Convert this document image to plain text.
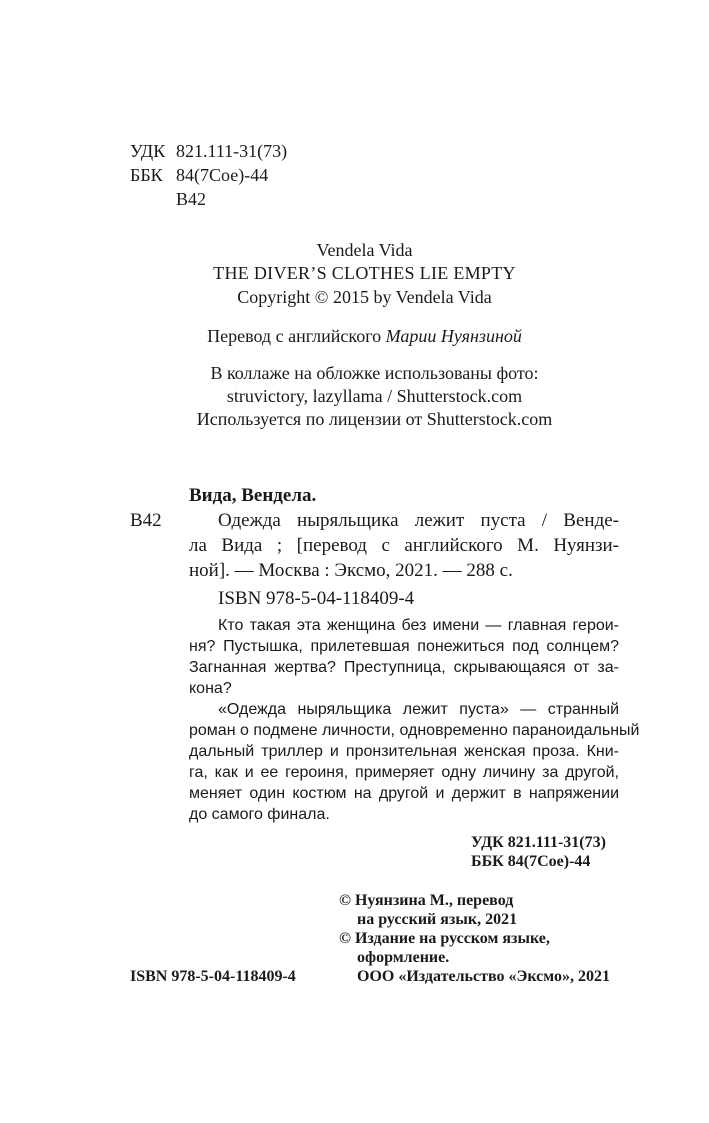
УДК 821.111-31(73)
ББК 84(7Сое)-44
В42
Vendela Vida
THE DIVER’S CLOTHES LIE EMPTY
Copyright © 2015 by Vendela Vida
Перевод с английского Марии Нуянзиной
В коллаже на обложке использованы фото:
struvictory, lazyllama / Shutterstock.com
Используется по лицензии от Shutterstock.com
Вида, Вендела.
В42	Одежда ныряльщика лежит пуста / Венде-
ла Вида ; [перевод с английского М. Нуянзи-
ной]. — Москва : Эксмо, 2021. — 288 с.
ISBN 978-5-04-118409-4
Кто такая эта женщина без имени — главная герои-
ня? Пустышка, прилетевшая понежиться под солнцем?
Загнанная жертва? Преступница, скрывающаяся от за-
кона?
«Одежда ныряльщика лежит пуста» — странный
роман о подмене личности, одновременно параноидальный
дальный триллер и пронзительная женская проза. Кни-
га, как и ее героиня, примеряет одну личину за другой,
меняет один костюм на другой и держит в напряжении
до самого финала.
УДК 821.111-31(73)
ББК 84(7Сое)-44
© Нуянзина М., перевод
на русский язык, 2021
© Издание на русском языке,
оформление.
ISBN 978-5-04-118409-4	ООО «Издательство «Эксмо», 2021
